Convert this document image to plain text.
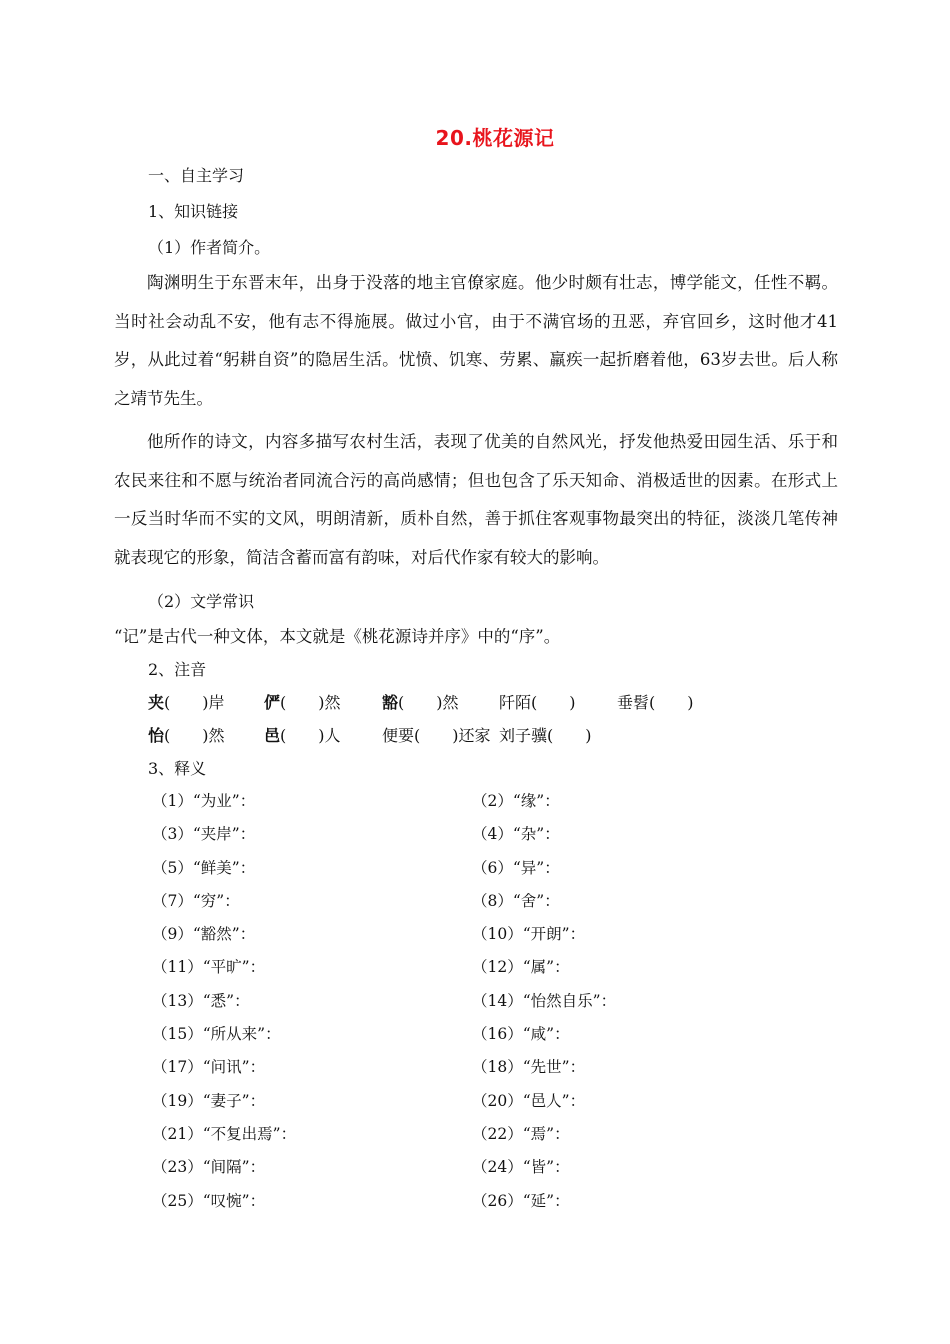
20.桃花源记
一、自主学习
1、知识链接
（1）作者简介。
陶渊明生于东晋末年，出身于没落的地主官僚家庭。他少时颇有壮志，博学能文，任性不羁。当时社会动乱不安，他有志不得施展。做过小官，由于不满官场的丑恶，弃官回乡，这时他才41岁，从此过着“躬耕自资”的隐居生活。忧愤、饥寒、劳累、羸疾一起折磨着他，63岁去世。后人称之靖节先生。
他所作的诗文，内容多描写农村生活，表现了优美的自然风光，抒发他热爱田园生活、乐于和农民来往和不愿与统治者同流合污的高尚感情；但也包含了乐天知命、消极适世的因素。在形式上一反当时华而不实的文风，明朗清新，质朴自然，善于抓住客观事物最突出的特征，淡淡几笔传神就表现它的形象，简洁含蓄而富有韵味，对后代作家有较大的影响。
（2）文学常识
“记”是古代一种文体，本文就是《桃花源诗并序》中的“序”。
2、注音
夹(　　)岸 俨(　　)然	豁(　　)然	阡陌(　　)	垂髫(　　)
怡(　　)然 邑(　　)人	便要(　　)还家 刘子骥(　　)
3、释义
（1）“为业”：	（2）“缘”：
（3）“夹岸”：	（4）“杂”：
（5）“鲜美”：	（6）“异”：
（7）“穷”：	（8）“舍”：
（9）“豁然”：	（10）“开朗”：
（11）“平旷”：	（12）“属”：
（13）“悉”：	（14）“怡然自乐”：
（15）“所从来”：	（16）“咸”：
（17）“问讯”：	（18）“先世”：
（19）“妻子”：	（20）“邑人”：
（21）“不复出焉”：	（22）“焉”：
（23）“间隔”：	（24）“皆”：
（25）“叹惋”：	（26）“延”：
